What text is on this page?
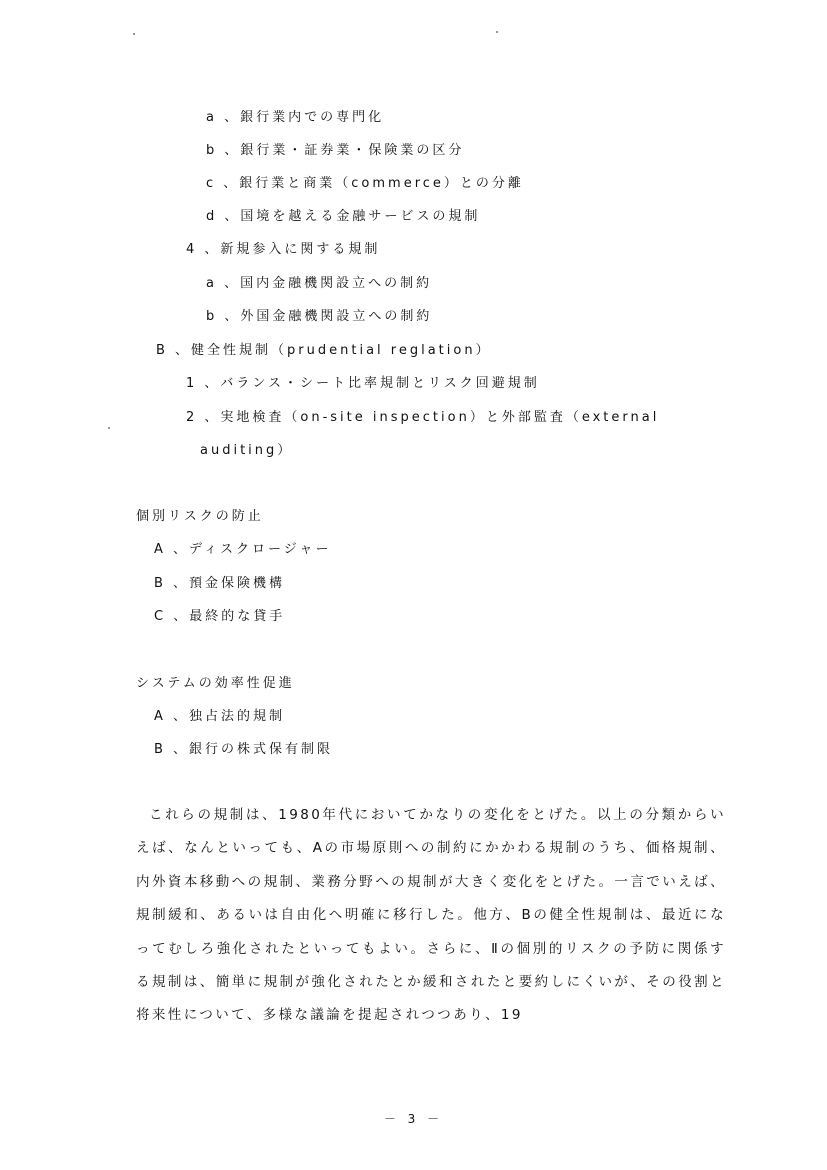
a 、銀行業内での専門化
b 、銀行業・証券業・保険業の区分
c 、銀行業と商業（commerce）との分離
d 、国境を越える金融サービスの規制
4 、新規参入に関する規制
a 、国内金融機関設立への制約
b 、外国金融機関設立への制約
B 、健全性規制（prudential reglation）
1 、バランス・シート比率規制とリスク回避規制
2 、実地検査（on-site inspection）と外部監査（external
auditing）
個別リスクの防止
A 、ディスクロージャー
B 、預金保険機構
C 、最終的な貸手
システムの効率性促進
A 、独占法的規制
B 、銀行の株式保有制限

これらの規制は、1980年代においてかなりの変化をとげた。以上の分類からいえば、なんといっても、Aの市場原則への制約にかかわる規制のうち、価格規制、内外資本移動への規制、業務分野への規制が大きく変化をとげた。一言でいえば、規制緩和、あるいは自由化へ明確に移行した。他方、Bの健全性規制は、最近になってむしろ強化されたといってもよい。さらに、Ⅱの個別的リスクの予防に関係する規制は、簡単に規制が強化されたとか緩和されたと要約しにくいが、その役割と将来性について、多様な議論を提起されつつあり、19

－ 3 －
